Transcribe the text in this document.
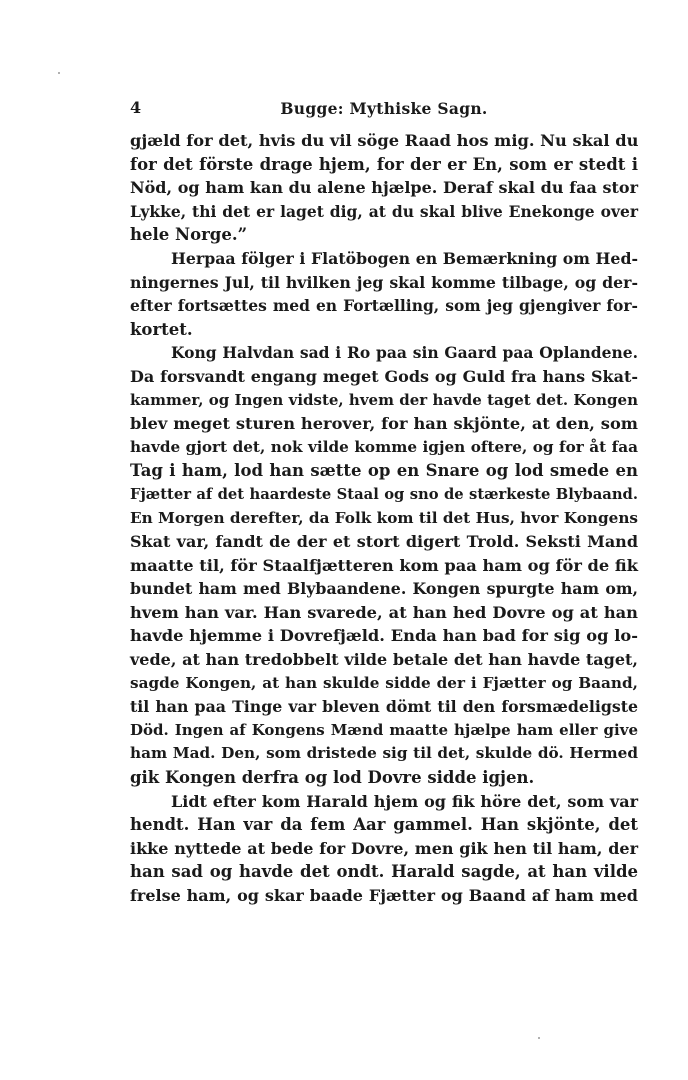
4	Bugge: Mythiske Sagn.
gjæld for det, hvis du vil söge Raad hos mig. Nu skal du
for det förste drage hjem, for der er En, som er stedt i
Nöd, og ham kan du alene hjælpe. Deraf skal du faa stor
Lykke, thi det er laget dig, at du skal blive Enekonge over
hele Norge.”
Herpaa fölger i Flatöbogen en Bemærkning om Hed-
ningernes Jul, til hvilken jeg skal komme tilbage, og der-
efter fortsættes med en Fortælling, som jeg gjengiver for-
kortet.
Kong Halvdan sad i Ro paa sin Gaard paa Oplandene.
Da forsvandt engang meget Gods og Guld fra hans Skat-
kammer, og Ingen vidste, hvem der havde taget det. Kongen
blev meget sturen herover, for han skjönte, at den, som
havde gjort det, nok vilde komme igjen oftere, og for åt faa
Tag i ham, lod han sætte op en Snare og lod smede en
Fjætter af det haardeste Staal og sno de stærkeste Blybaand.
En Morgen derefter, da Folk kom til det Hus, hvor Kongens
Skat var, fandt de der et stort digert Trold. Seksti Mand
maatte til, för Staalfjætteren kom paa ham og för de fik
bundet ham med Blybaandene. Kongen spurgte ham om,
hvem han var. Han svarede, at han hed Dovre og at han
havde hjemme i Dovrefjæld. Enda han bad for sig og lo-
vede, at han tredobbelt vilde betale det han havde taget,
sagde Kongen, at han skulde sidde der i Fjætter og Baand,
til han paa Tinge var bleven dömt til den forsmædeligste
Död. Ingen af Kongens Mænd maatte hjælpe ham eller give
ham Mad. Den, som dristede sig til det, skulde dö. Hermed
gik Kongen derfra og lod Dovre sidde igjen.
Lidt efter kom Harald hjem og fik höre det, som var
hendt. Han var da fem Aar gammel. Han skjönte, det
ikke nyttede at bede for Dovre, men gik hen til ham, der
han sad og havde det ondt. Harald sagde, at han vilde
frelse ham, og skar baade Fjætter og Baand af ham med
